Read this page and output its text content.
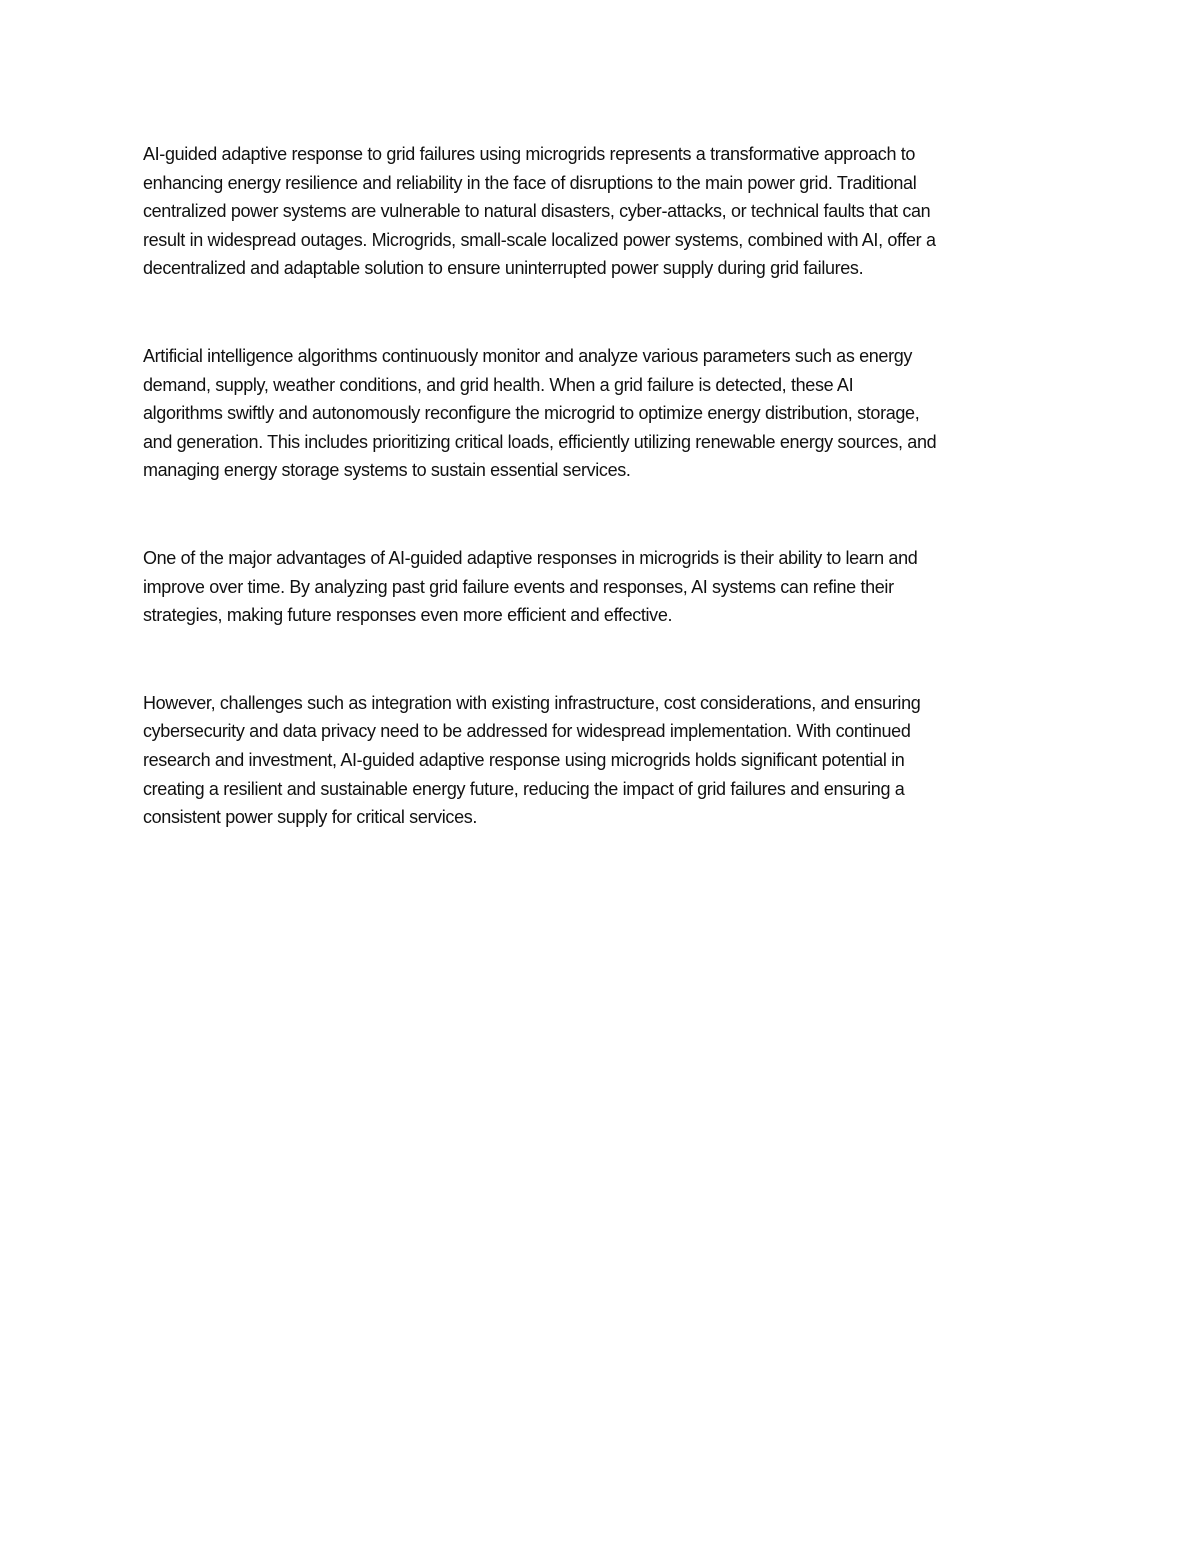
AI-guided adaptive response to grid failures using microgrids represents a transformative approach to
enhancing energy resilience and reliability in the face of disruptions to the main power grid. Traditional
centralized power systems are vulnerable to natural disasters, cyber-attacks, or technical faults that can
result in widespread outages. Microgrids, small-scale localized power systems, combined with AI, offer a
decentralized and adaptable solution to ensure uninterrupted power supply during grid failures.

Artificial intelligence algorithms continuously monitor and analyze various parameters such as energy
demand, supply, weather conditions, and grid health. When a grid failure is detected, these AI
algorithms swiftly and autonomously reconfigure the microgrid to optimize energy distribution, storage,
and generation. This includes prioritizing critical loads, efficiently utilizing renewable energy sources, and
managing energy storage systems to sustain essential services.

One of the major advantages of AI-guided adaptive responses in microgrids is their ability to learn and
improve over time. By analyzing past grid failure events and responses, AI systems can refine their
strategies, making future responses even more efficient and effective.

However, challenges such as integration with existing infrastructure, cost considerations, and ensuring
cybersecurity and data privacy need to be addressed for widespread implementation. With continued
research and investment, AI-guided adaptive response using microgrids holds significant potential in
creating a resilient and sustainable energy future, reducing the impact of grid failures and ensuring a
consistent power supply for critical services.
